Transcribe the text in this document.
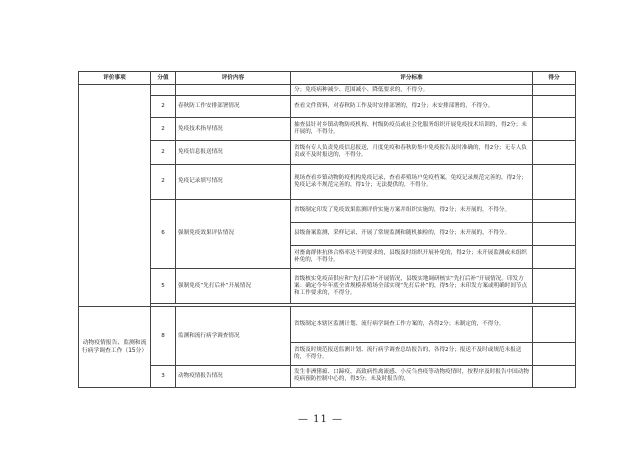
评价事项	分值	评价内容	评分标准	得分
			分；免疫病种减少、范围减小、降低要求的，不得分。	
	2	春秋防工作安排部署情况	查看文件资料，对春秋防工作及时安排部署的，得2分；未安排部署的，不得分。	
	2	免疫技术指导情况	抽查县针对乡镇动物防疫机构、村级防疫员或社会化服务组织开展免疫技术培训的，得2分；未开展的，不得分。	
	2	免疫信息报送情况	省级有专人负责免疫信息报送，月度免疫和春秋防集中免疫报告及时准确的，得2分；无专人负责或不及时报送的，不得分。	
	2	免疫记录填写情况	现场查看乡镇动物防疫机构免疫记录，查看养殖场户免疫档案，免疫记录规范完善的，得2分；免疫记录不规范完善的，得1分；无法提供的，不得分。	
	6	强制免疫效果评估情况	省级制定印发了免疫效果监测评价实施方案并组织实施的，得2分；未开展的，不得分。	
			县级备案监测，采样记录，开展了常规监测和随机抽检的，得2分；未开展的，不得分。	
			对畜禽群体抗体合格率达不到要求的，县级及时组织开展补免的，得2分；未开展监测或未组织补免的，不得分。	
	5	强制免疫“先打后补”开展情况	省级核实免疫苗供应和“先打后补”开展情况，县级实地调研核实“先打后补”开展情况。印发方案：确定今年年底全省规模养殖场全部实现“先打后补”的，得5分；未印发方案或明确时间节点和工作要求的，不得分。	

动物疫情报告、监测和流行病学调查工作（15分）	8	监测和流行病学调查情况	省级制定本辖区监测计划、流行病学调查工作方案的，各得2分；未制定的，不得分。	
			省级及时规范报送监测计划、流行病学调查总结报告的，各得2分；报送不及时或规范未报送的，不得分。	
	3	动物疫情报告情况	发生非洲猪瘟、口蹄疫、高致病性禽流感、小反刍兽疫等动物疫情时，按程序及时报告中国动物疫病预防控制中心的，得3分；未及时报告的，	
— 11 —
